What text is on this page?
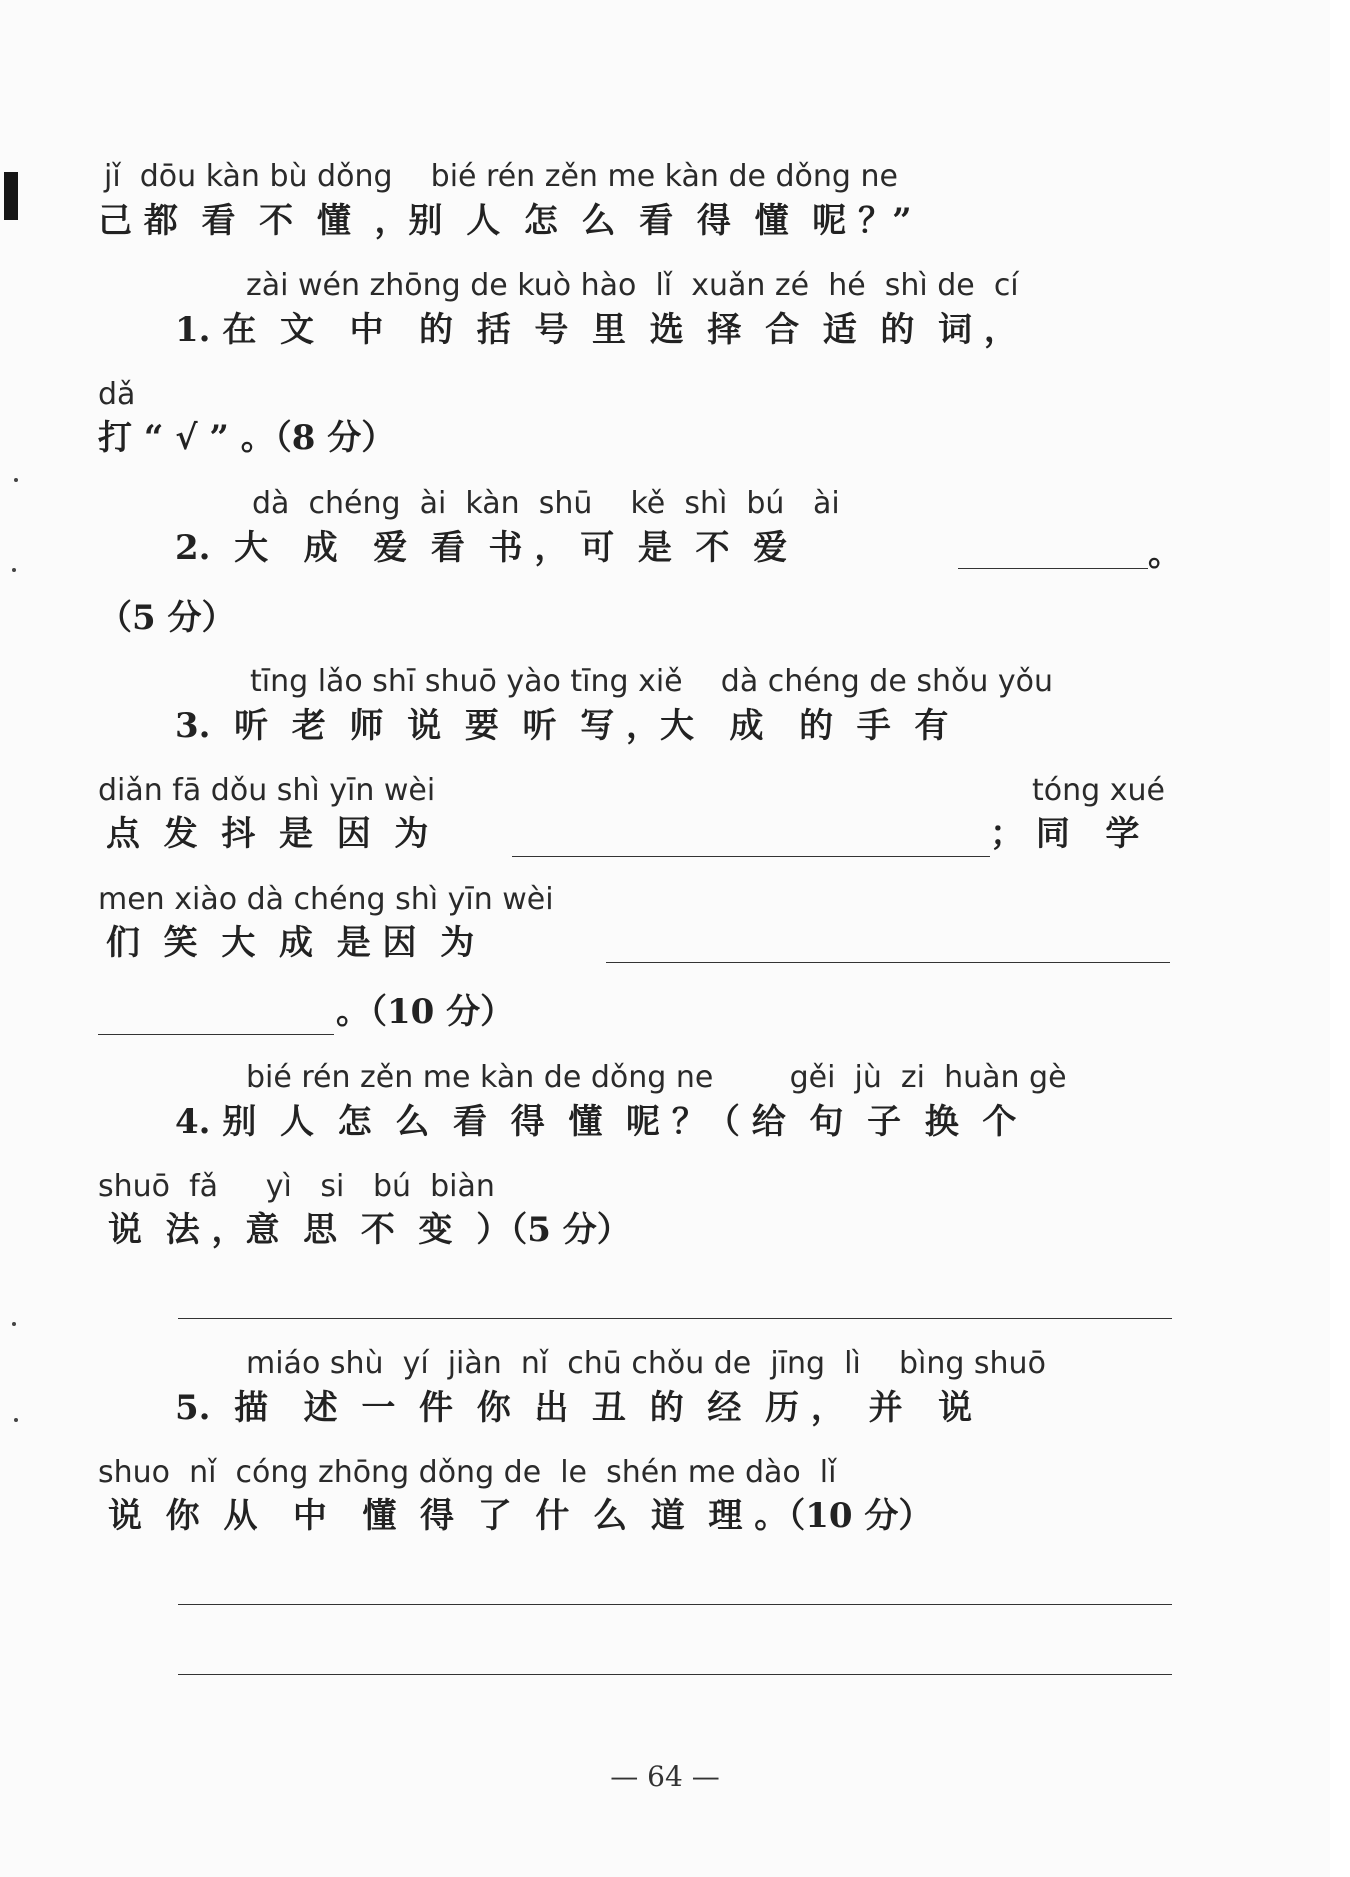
jǐ  dōu kàn bù dǒng    bié rén zěn me kàn de dǒng ne
己 都  看  不  懂  ，别  人  怎  么  看  得  懂  呢 ？”
zài wén zhōng de kuò hào  lǐ  xuǎn zé  hé  shì de  cí
1. 在  文   中   的  括  号  里  选  择  合  适  的  词 ，
dǎ
打 “ √ ” 。（8 分）
dà  chéng  ài  kàn  shū    kě  shì  bú   ài
2.  大   成   爱  看  书 ， 可  是  不  爱	。
（5 分）
tīng lǎo shī shuō yào tīng xiě    dà chéng de shǒu yǒu
3.  听  老  师  说  要  听  写 ，大   成   的  手  有
diǎn fā dǒu shì yīn wèi
点  发  抖  是  因  为
tóng xué
； 同   学
men xiào dà chéng shì yīn wèi
们  笑  大  成  是 因  为
。（10 分）
bié rén zěn me kàn de dǒng ne        gěi  jù  zi  huàn gè
4. 别  人  怎  么  看  得  懂  呢 ？（ 给  句  子  换  个
shuō  fǎ     yì   si   bú  biàn
说  法 ，意  思  不  变  ）（5 分）
miáo shù  yí  jiàn  nǐ  chū chǒu de  jīng  lì    bìng shuō
5.  描   述  一  件  你  出  丑  的  经  历 ，  并   说
shuo  nǐ  cóng zhōng dǒng de  le  shén me dào  lǐ
说  你  从   中   懂  得  了  什  么  道  理 。（10 分）
— 64 —
